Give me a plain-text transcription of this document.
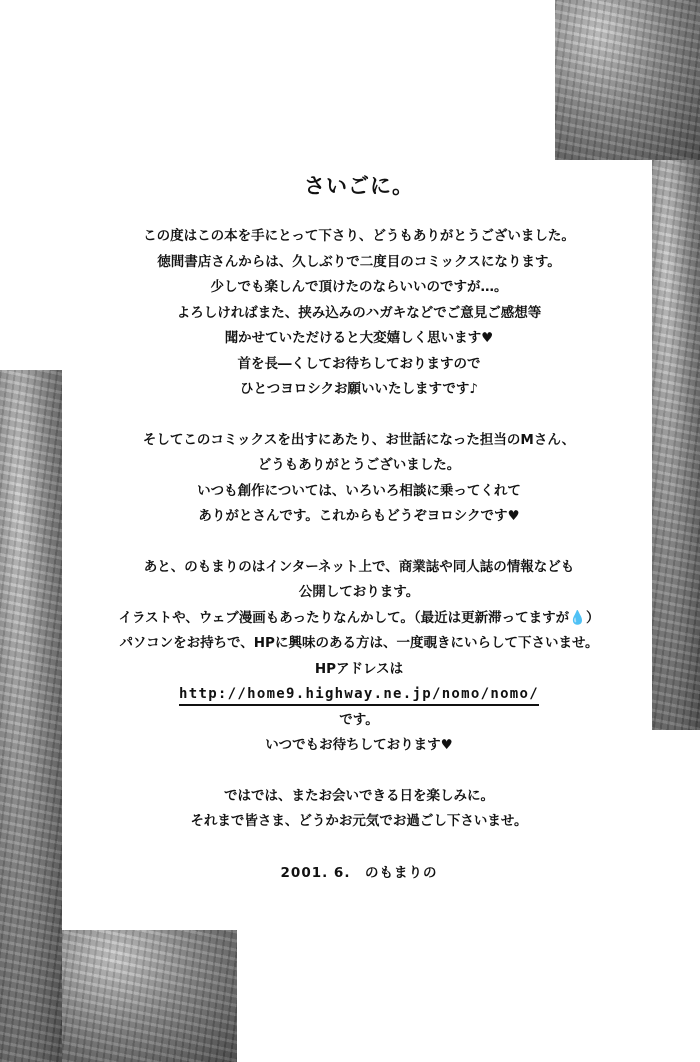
さいごに。
この度はこの本を手にとって下さり、どうもありがとうございました。
徳間書店さんからは、久しぶりで二度目のコミックスになります。
少しでも楽しんで頂けたのならいいのですが…。
よろしければまた、挟み込みのハガキなどでご意見ご感想等
聞かせていただけると大変嬉しく思います♥
首を長―くしてお待ちしておりますので
ひとつヨロシクお願いいたしますです♪
そしてこのコミックスを出すにあたり、お世話になった担当のMさん、
どうもありがとうございました。
いつも創作については、いろいろ相談に乗ってくれて
ありがとさんです。これからもどうぞヨロシクです♥
あと、のもまりのはインターネット上で、商業誌や同人誌の情報なども
公開しております。
イラストや、ウェブ漫画もあったりなんかして。（最近は更新滞ってますが💧）
パソコンをお持ちで、HPに興味のある方は、一度覗きにいらして下さいませ。
HPアドレスは
http://home9.highway.ne.jp/nomo/nomo/
です。
いつでもお待ちしております♥
ではでは、またお会いできる日を楽しみに。
それまで皆さま、どうかお元気でお過ごし下さいませ。
2001. 6.　のもまりの
